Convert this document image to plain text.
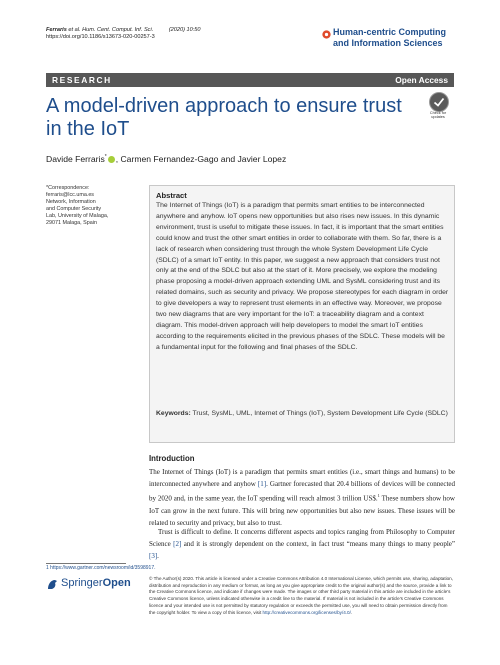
Ferraris et al. Hum. Cent. Comput. Inf. Sci.          (2020) 10:50
https://doi.org/10.1186/s13673-020-00257-3
Human-centric Computing
and Information Sciences
RESEARCH	Open Access
A model-driven approach to ensure trust in the IoT
Check for
updates
Davide Ferraris* , Carmen Fernandez-Gago and Javier Lopez
*Correspondence:
ferraris@lcc.uma.es
Network, Information
and Computer Security
Lab, University of Malaga,
29071 Malaga, Spain
Abstract
The Internet of Things (IoT) is a paradigm that permits smart entities to be interconnected anywhere and anyhow. IoT opens new opportunities but also rises new issues. In this dynamic environment, trust is useful to mitigate these issues. In fact, it is important that the smart entities could know and trust the other smart entities in order to collaborate with them. So far, there is a lack of research when considering trust through the whole System Development Life Cycle (SDLC) of a smart IoT entity. In this paper, we suggest a new approach that considers trust not only at the end of the SDLC but also at the start of it. More precisely, we explore the modeling phase proposing a model-driven approach extending UML and SysML considering trust and its related domains, such as security and privacy. We propose stereotypes for each diagram in order to give developers a way to represent trust elements in an effective way. Moreover, we propose two new diagrams that are very important for the IoT: a traceability diagram and a context diagram. This model-driven approach will help developers to model the smart IoT entities according to the requirements elicited in the previous phases of the SDLC. These models will be a fundamental input for the following and final phases of the SDLC.
Keywords: Trust, SysML, UML, Internet of Things (IoT), System Development Life Cycle (SDLC)
Introduction
The Internet of Things (IoT) is a paradigm that permits smart entities (i.e., smart things and humans) to be interconnected anywhere and anyhow [1]. Gartner forecasted that 20.4 billions of devices will be connected by 2020 and, in the same year, the IoT spending will reach almost 3 trillion US$.$^1$ These numbers show how IoT can grow in the next future. This will bring new opportunities but also new issues. These issues will be related to security and privacy, but also to trust.
Trust is difficult to define. It concerns different aspects and topics ranging from Philosophy to Computer Science [2] and it is strongly dependent on the context, in fact trust “means many things to many people” [3].
1 https://www.gartner.com/newsroom/id/3598917.
SpringerOpen	© The Author(s) 2020. This article is licensed under a Creative Commons Attribution 4.0 International License, which permits use, sharing, adaptation, distribution and reproduction in any medium or format, as long as you give appropriate credit to the original author(s) and the source, provide a link to the Creative Commons licence, and indicate if changes were made. The images or other third party material in this article are included in the article’s Creative Commons licence, unless indicated otherwise in a credit line to the material. If material is not included in the article’s Creative Commons licence and your intended use is not permitted by statutory regulation or exceeds the permitted use, you will need to obtain permission directly from the copyright holder. To view a copy of this licence, visit http://creativecommons.org/licenses/by/4.0/.
